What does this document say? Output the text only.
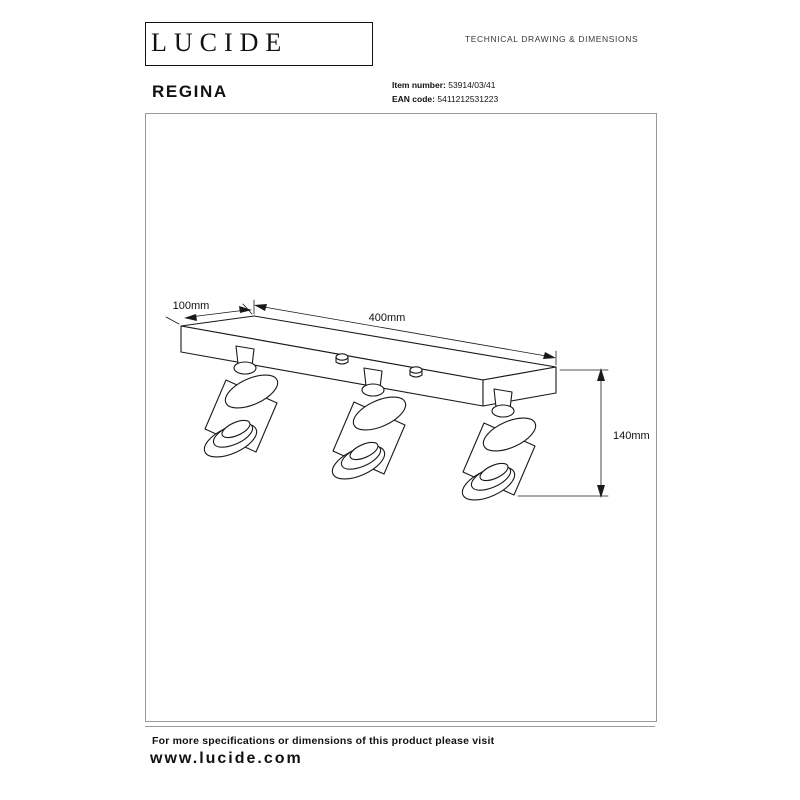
LUCIDE	TECHNICAL DRAWING & DIMENSIONS
REGINA	Item number: 53914/03/41
EAN code: 5411212531223
400mm
100mm
140mm
For more specifications or dimensions of this product please visit
www.lucide.com
